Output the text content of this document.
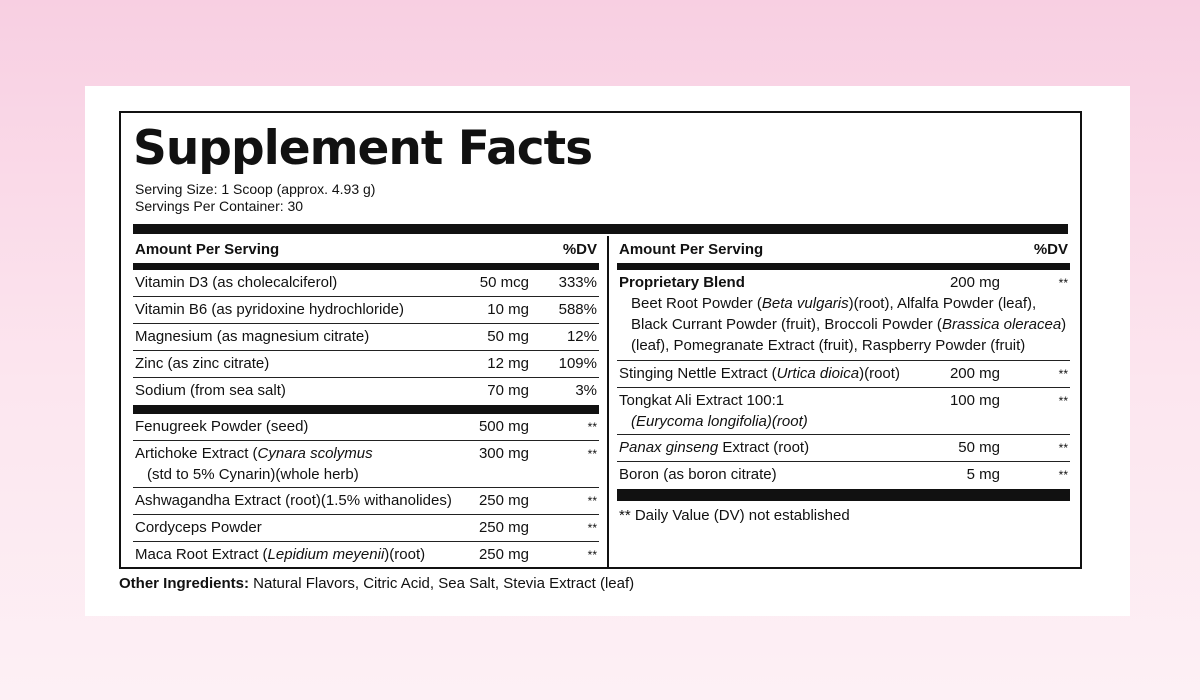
Supplement Facts
Serving Size: 1 Scoop (approx. 4.93 g)
Servings Per Container: 30
Amount Per Serving	%DV
Vitamin D3 (as cholecalciferol)	50 mcg 333%
Vitamin B6 (as pyridoxine hydrochloride)	10 mg 588%
Magnesium (as magnesium citrate)	50 mg	12%
Zinc (as zinc citrate)	12 mg 109%
Sodium (from sea salt)	70 mg	3%
Fenugreek Powder (seed)	500 mg	**
Artichoke Extract (Cynara scolymus
(std to 5% Cynarin)(whole herb)
300 mg	**
Ashwagandha Extract (root)(1.5% withanolides) 250 mg	**
Cordyceps Powder	250 mg	**
Maca Root Extract (Lepidium meyenii)(root)	250 mg	**
Amount Per Serving	%DV
Proprietary Blend	200 mg	**
Beet Root Powder (Beta vulgaris)(root), Alfalfa Powder (leaf), Black Currant Powder (fruit), Broccoli Powder (Brassica oleracea)(leaf), Pomegranate Extract (fruit), Raspberry Powder (fruit)
Stinging Nettle Extract (Urtica dioica)(root)	200 mg	**
Tongkat Ali Extract 100:1
(Eurycoma longifolia)(root)
100 mg	**
Panax ginseng Extract (root)	50 mg	**
Boron (as boron citrate)	5 mg	**
** Daily Value (DV) not established
Other Ingredients: Natural Flavors, Citric Acid, Sea Salt, Stevia Extract (leaf)
